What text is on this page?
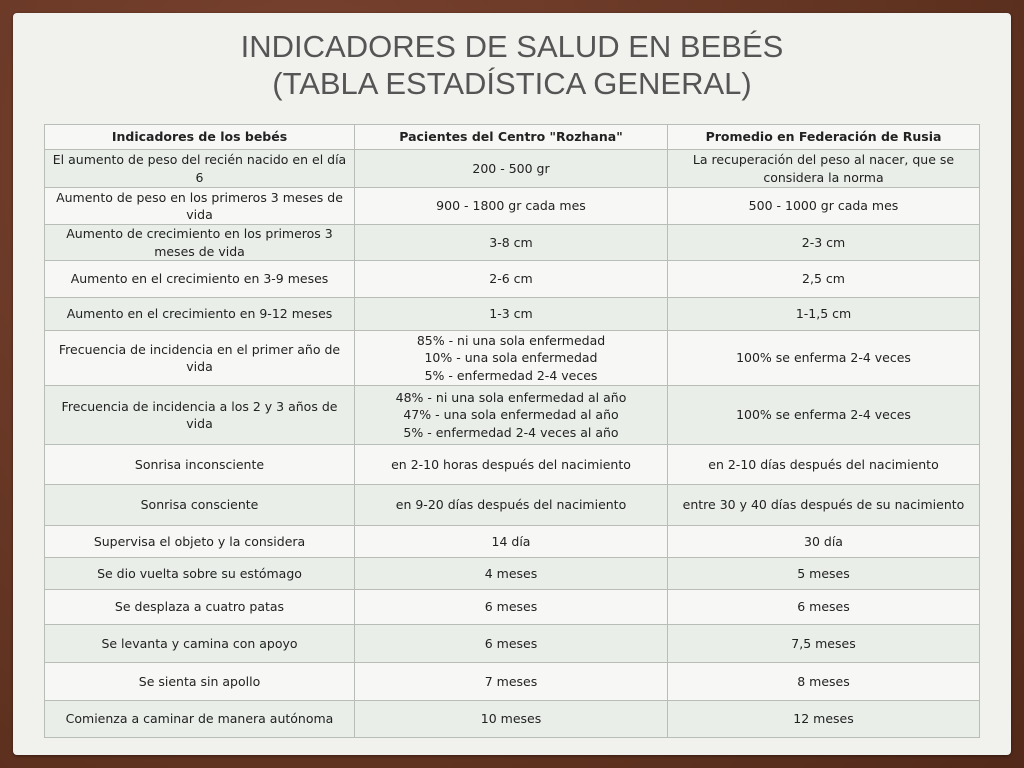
INDICADORES DE SALUD EN BEBÉS
(TABLA ESTADÍSTICA GENERAL)
Indicadores de los bebés	Pacientes del Centro "Rozhana"	Promedio en Federación de Rusia
El aumento de peso del recién nacido en el día 6	200 - 500 gr	La recuperación del peso al nacer, que se considera la norma

Aumento de peso en los primeros 3 meses de vida	900 - 1800 gr cada mes	500 - 1000 gr cada mes

Aumento de crecimiento en los primeros 3 meses de vida	3-8 cm	2-3 cm

Aumento en el crecimiento en 3-9 meses	2-6 cm	2,5 cm

Aumento en el crecimiento en 9-12 meses	1-3 cm	1-1,5 cm

Frecuencia de incidencia en el primer año de vida	85% - ni una sola enfermedad
10% - una sola enfermedad
5% - enfermedad 2-4 veces	100% se enferma 2-4 veces

Frecuencia de incidencia a los 2 y 3 años de vida	48% - ni una sola enfermedad al año
47% - una sola enfermedad al año
5% - enfermedad 2-4 veces al año	100% se enferma 2-4 veces

Sonrisa inconsciente	en 2-10 horas después del nacimiento	en 2-10 días después del nacimiento

Sonrisa consciente	en 9-20 días después del nacimiento	entre 30 y 40 días después de su nacimiento

Supervisa el objeto y la considera	14 día	30 día

Se dio vuelta sobre su estómago	4 meses	5 meses

Se desplaza a cuatro patas	6 meses	6 meses

Se levanta y camina con apoyo	6 meses	7,5 meses

Se sienta sin apollo	7 meses	8 meses

Comienza a caminar de manera autónoma	10 meses	12 meses
